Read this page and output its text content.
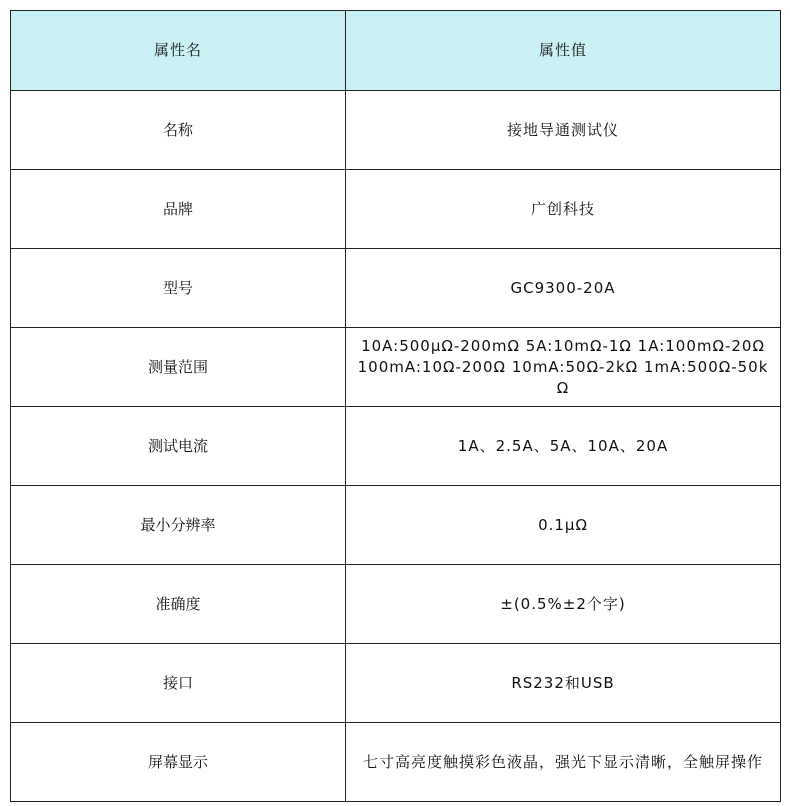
属性名	属性值
名称	接地导通测试仪
品牌	广创科技
型号	GC9300-20A
测量范围	10A:500μΩ-200mΩ 5A:10mΩ-1Ω 1A:100mΩ-20Ω 100mA:10Ω-200Ω 10mA:50Ω-2kΩ 1mA:500Ω-50kΩ
测试电流	1A、2.5A、5A、10A、20A
最小分辨率	0.1μΩ
准确度	±(0.5%±2个字)
接口	RS232和USB
屏幕显示	七寸高亮度触摸彩色液晶，强光下显示清晰，全触屏操作
